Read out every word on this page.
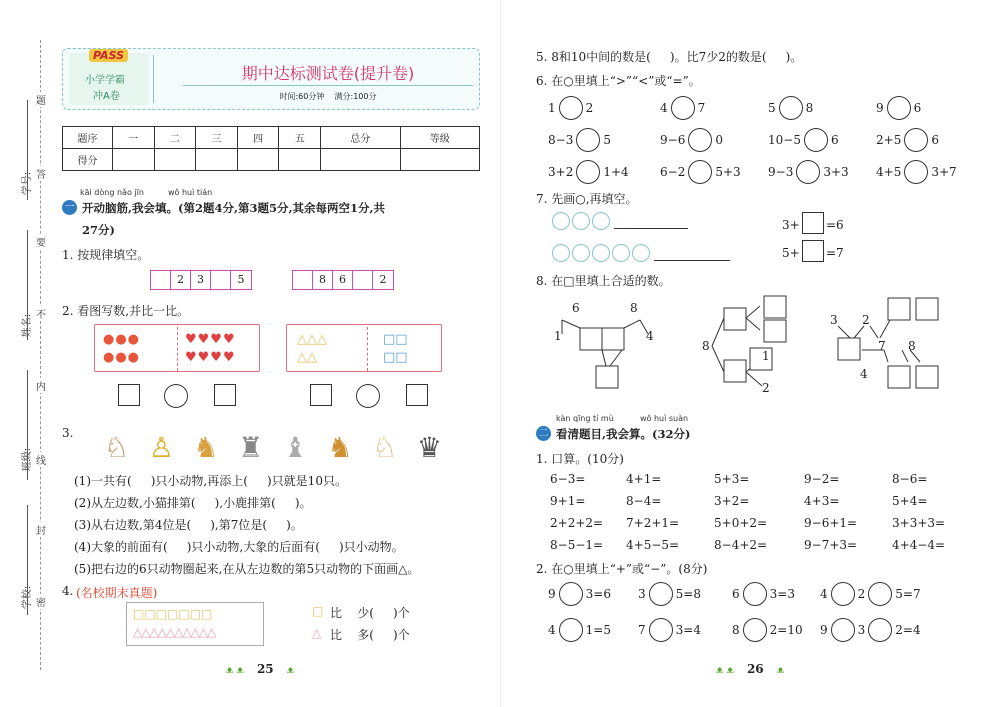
学号:
姓名:
班级:
学校:
题
答
要
不
内
线
封
密
PASS
小学学霸
冲A卷
期中达标测试卷(提升卷)
时间:60分钟    满分:100分
题序	一	二	三	四	五	总分	等级
得分							
kāi dòng nǎo jīn	wǒ huì tián
一 开动脑筋,我会填。(第2题4分,第3题5分,其余每两空1分,共
27分)
1. 按规律填空。
2	3	5	8	6	2
2. 看图写数,并比一比。
●●●
●●●
♥♥♥♥
♥♥♥♥
△△△
△△
□□
□□
3. ♘ ♙ ♞ ♜ ♝ ♞ ♘ ♛
(1)一共有(     )只小动物,再添上(     )只就是10只。
(2)从左边数,小猫排第(     ),小鹿排第(     )。
(3)从右边数,第4位是(     ),第7位是(     )。
(4)大象的前面有(     )只小动物,大象的后面有(     )只小动物。
(5)把右边的6只动物圈起来,在从左边数的第5只动物的下面画△。
4. (名校期末真题)
□□□□□□□
△△△△△△△△△△
□ 比    少(     )个
△ 比    多(     )个
ᴥ ᴥ 25 ᴥ
5. 8和10中间的数是(     )。比7少2的数是(     )。
6. 在○里填上“>”“<”或“=”。
1	2	4	7	5	8	9	6
8−3	5	9−6	0	10−5	6	2+5	6
3+2	1+4	6−2	5+3 9−3	3+3 4+5	3+7
7. 先画○,再填空。
3+ =6
5+ =7
8. 在□里填上合适的数。
6	8
1	4
8
1
2
3 2
7 8
4
kàn qīng tí mù	wǒ huì suàn
二 看清题目,我会算。(32分)
1. 口算。(10分)
6−3=	4+1=	5+3=	9−2=	8−6=
9+1=	8−4=	3+2=	4+3=	5+4=
2+2+2= 7+2+1=	5+0+2=	9−6+1=	3+3+3=
8−5−1= 4+5−5=	8−4+2=	9−7+3=	4+4−4=
2. 在○里填上“+”或“−”。(8分)
9	3=6 3	5=8	6	3=3 4	2	5=7
4	1=5 7	3=4	8	2=10 9	3	2=4
ᴥ ᴥ 26 ᴥ
